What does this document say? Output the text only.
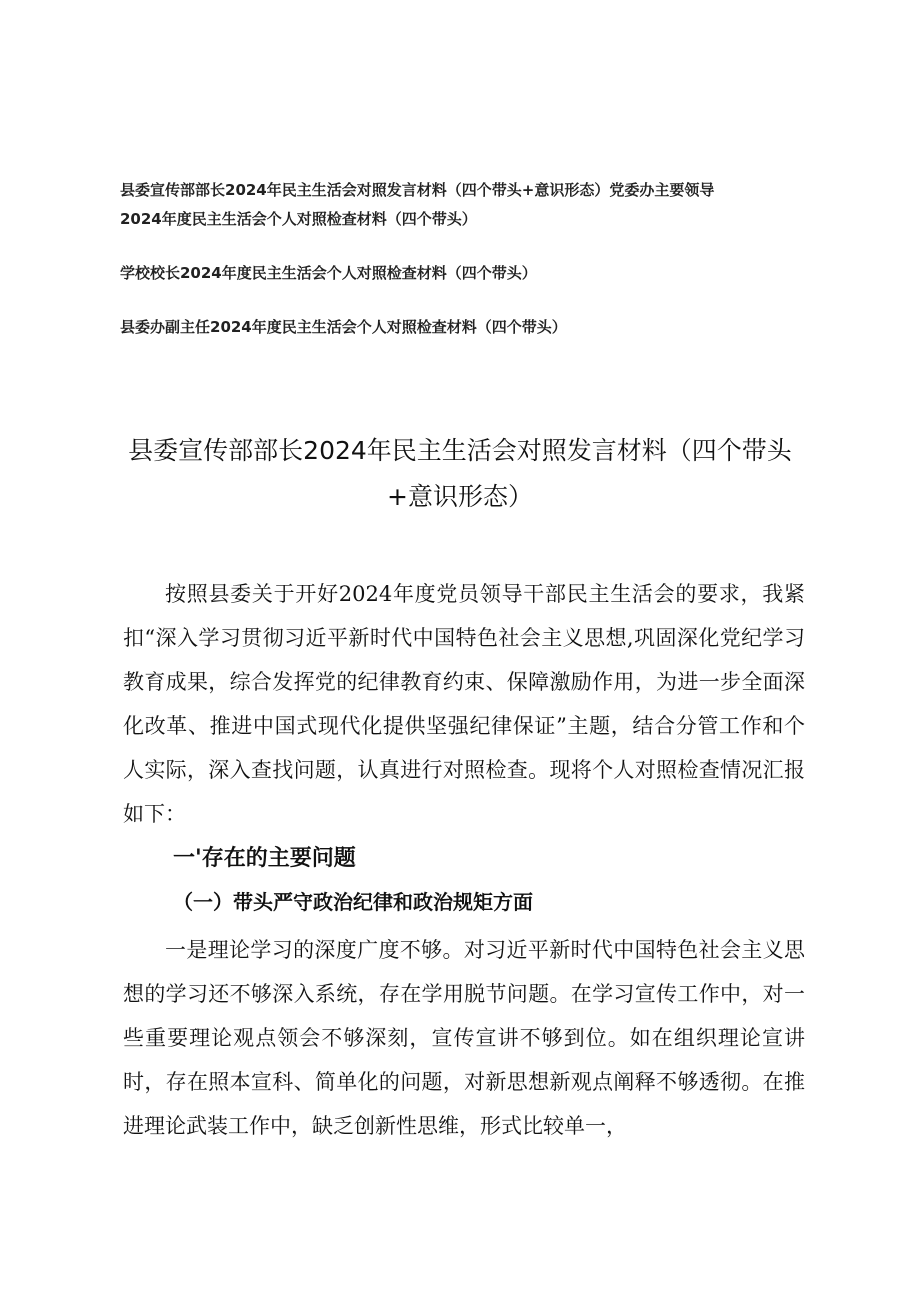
县委宣传部部长2024年民主生活会对照发言材料（四个带头+意识形态）党委办主要领导
2024年度民主生活会个人对照检查材料（四个带头）
学校校长2024年度民主生活会个人对照检查材料（四个带头）
县委办副主任2024年度民主生活会个人对照检查材料（四个带头）
县委宣传部部长2024年民主生活会对照发言材料（四个带头
+意识形态）

按照县委关于开好2024年度党员领导干部民主生活会的要求，我紧扣“深入学习贯彻习近平新时代中国特色社会主义思想,巩固深化党纪学习教育成果，综合发挥党的纪律教育约束、保障激励作用，为进一步全面深化改革、推进中国式现代化提供坚强纪律保证”主题，结合分管工作和个人实际，深入查找问题，认真进行对照检查。现将个人对照检查情况汇报如下：

一'存在的主要问题
（一）带头严守政治纪律和政治规矩方面

一是理论学习的深度广度不够。对习近平新时代中国特色社会主义思想的学习还不够深入系统，存在学用脱节问题。在学习宣传工作中，对一些重要理论观点领会不够深刻，宣传宣讲不够到位。如在组织理论宣讲时，存在照本宣科、简单化的问题，对新思想新观点阐释不够透彻。在推进理论武装工作中，缺乏创新性思维，形式比较单一，
